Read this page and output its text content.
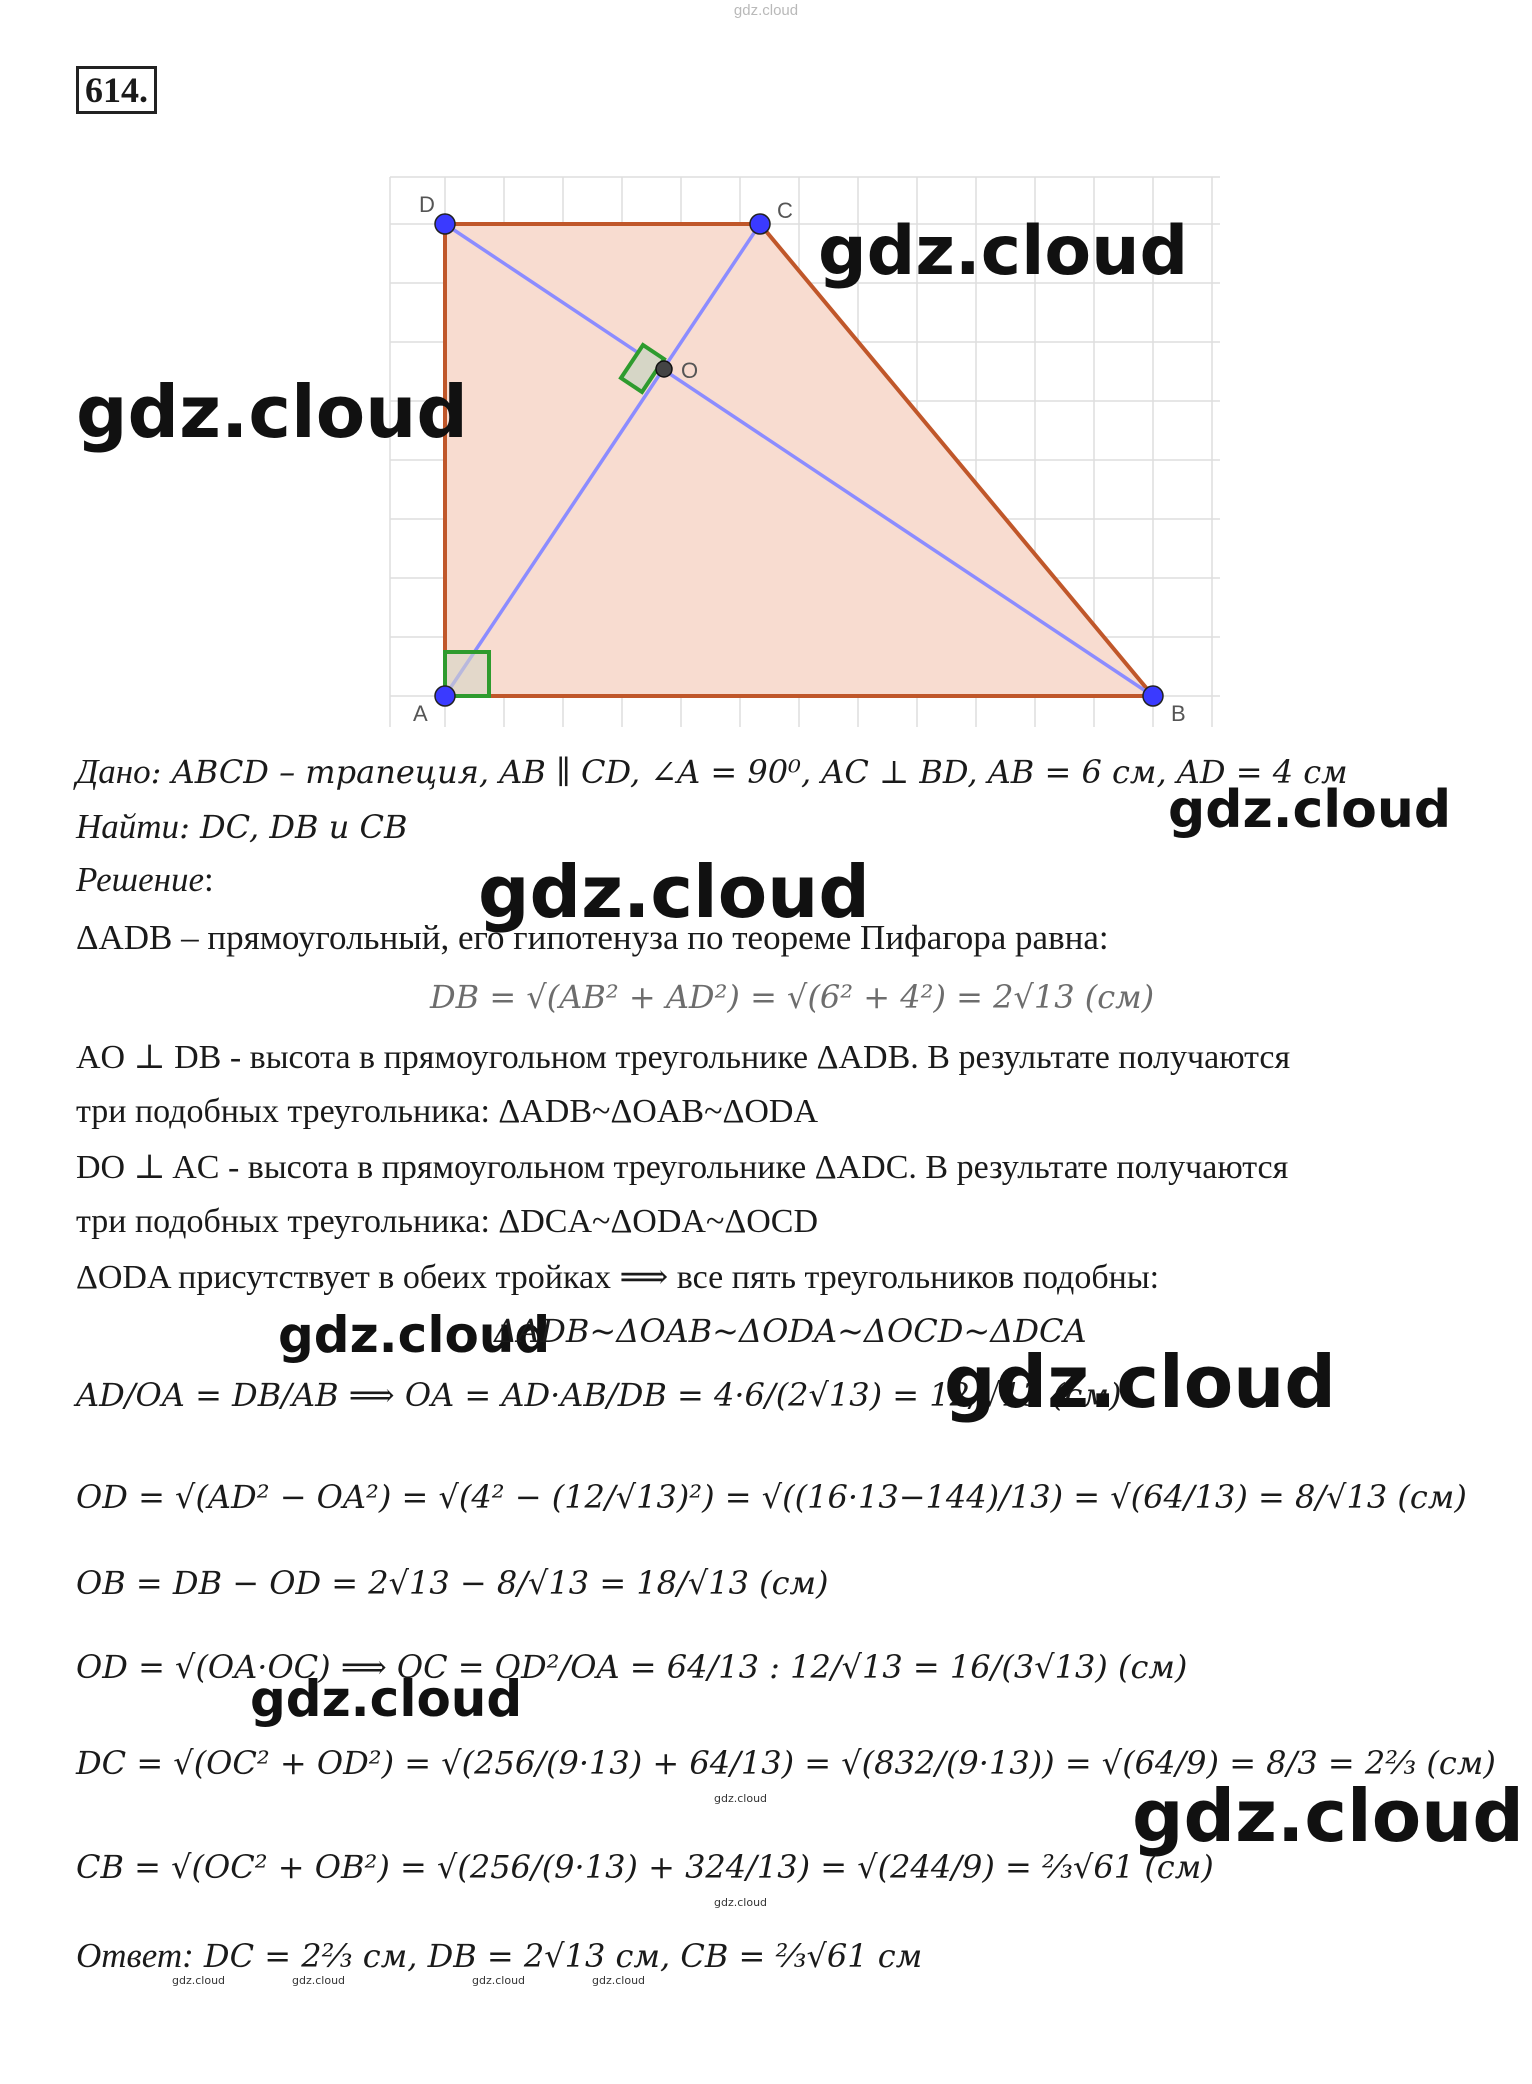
gdz.cloud
614.
D	C
O
A	B
gdz.cloud
gdz.cloud
Дано: ABCD – трапеция, AB ∥ CD, ∠A = 90⁰, AC ⊥ BD, AB = 6 см, AD = 4 см
gdz.cloud
Найти: DC, DB и CB
Решение:	gdz.cloud
ΔADB – прямоугольный, его гипотенуза по теореме Пифагора равна:
DB = √(AB² + AD²) = √(6² + 4²) = 2√13 (см)
AO ⊥ DB - высота в прямоугольном треугольнике ΔADB. В результате получаются
три подобных треугольника: ΔADB~ΔOAB~ΔODA
DO ⊥ AC - высота в прямоугольном треугольнике ΔADC. В результате получаются
три подобных треугольника: ΔDCA~ΔODA~ΔOCD
ΔODA присутствует в обеих тройках ⟹ все пять треугольников подобны:
gdz.cloud
ΔADB~ΔOAB~ΔODA~ΔOCD~ΔDCA
AD/OA = DB/AB ⟹ OA = AD·AB/DB = 4·6/(2√13) = 12/√13 (см)
gdz.cloud
OD = √(AD² − OA²) = √(4² − (12/√13)²) = √((16·13−144)/13) = √(64/13) = 8/√13 (см)
OB = DB − OD = 2√13 − 8/√13 = 18/√13 (см)
OD = √(OA·OC) ⟹ OC = OD²/OA = 64/13 : 12/√13 = 16/(3√13) (см)
gdz.cloud
DC = √(OC² + OD²) = √(256/(9·13) + 64/13) = √(832/(9·13)) = √(64/9) = 8/3 = 2⅔ (см)
gdz.cloud	gdz.cloud
CB = √(OC² + OB²) = √(256/(9·13) + 324/13) = √(244/9) = ⅔√61 (см)
gdz.cloud
Ответ: DC = 2⅔ см, DB = 2√13 см, CB = ⅔√61 см
gdz.cloud	gdz.cloud	gdz.cloud	gdz.cloud
